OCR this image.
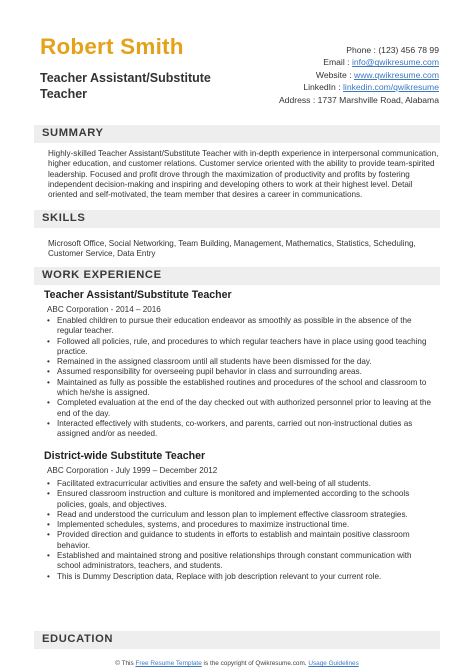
Robert Smith
Teacher Assistant/Substitute Teacher
Phone : (123) 456 78 99
Email : info@qwikresume.com
Website : www.qwikresume.com
LinkedIn : linkedin.com/qwikresume
Address : 1737 Marshville Road, Alabama
SUMMARY
Highly-skilled Teacher Assistant/Substitute Teacher with in-depth experience in interpersonal communication, higher education, and customer relations. Customer service oriented with the ability to provide team-spirited leadership. Focused and profit drove through the maximization of productivity and profits by fostering independent decision-making and inspiring and developing others to work at their highest level. Detail oriented and self-motivated, the team member that desires a career in communications.
SKILLS
Microsoft Office, Social Networking, Team Building, Management, Mathematics, Statistics, Scheduling, Customer Service, Data Entry
WORK EXPERIENCE
Teacher Assistant/Substitute Teacher
ABC Corporation - 2014 – 2016
• Enabled children to pursue their education endeavor as smoothly as possible in the absence of the regular teacher.
• Followed all policies, rule, and procedures to which regular teachers have in place using good teaching practice.
• Remained in the assigned classroom until all students have been dismissed for the day.
• Assumed responsibility for overseeing pupil behavior in class and surrounding areas.
• Maintained as fully as possible the established routines and procedures of the school and classroom to which he/she is assigned.
• Completed evaluation at the end of the day checked out with authorized personnel prior to leaving at the end of the day.
• Interacted effectively with students, co-workers, and parents, carried out non-instructional duties as assigned and/or as needed.
District-wide Substitute Teacher
ABC Corporation - July 1999 – December 2012
• Facilitated extracurricular activities and ensure the safety and well-being of all students.
• Ensured classroom instruction and culture is monitored and implemented according to the schools policies, goals, and objectives.
• Read and understood the curriculum and lesson plan to implement effective classroom strategies.
• Implemented schedules, systems, and procedures to maximize instructional time.
• Provided direction and guidance to students in efforts to establish and maintain positive classroom behavior.
• Established and maintained strong and positive relationships through constant communication with school administrators, teachers, and students.
• This is Dummy Description data, Replace with job description relevant to your current role.
EDUCATION
© This Free Resume Template is the copyright of Qwikresume.com. Usage Guidelines
